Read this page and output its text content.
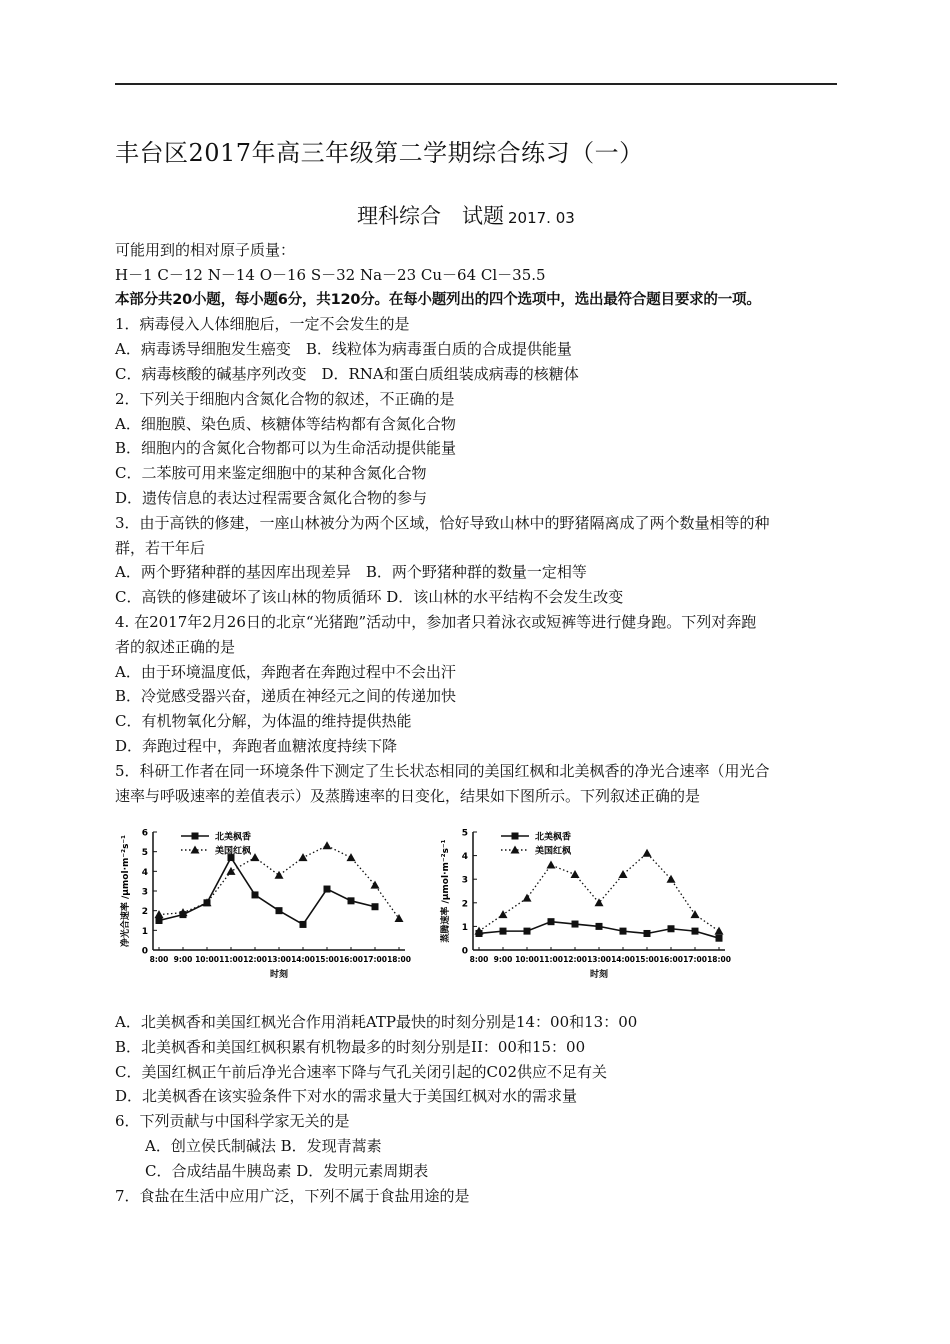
丰台区2017年高三年级第二学期综合练习（一）
理科综合　试题 2017. 03
可能用到的相对原子质量：
H－1 C－12 N－14 O－16 S－32 Na－23 Cu－64 Cl－35.5
本部分共20小题，每小题6分，共120分。在每小题列出的四个选项中，选出最符合题目要求的一项。
1．病毒侵入人体细胞后，一定不会发生的是
A．病毒诱导细胞发生癌变　B．线粒体为病毒蛋白质的合成提供能量
C．病毒核酸的碱基序列改变　D．RNA和蛋白质组装成病毒的核糖体
2．下列关于细胞内含氮化合物的叙述，不正确的是
A．细胞膜、染色质、核糖体等结构都有含氮化合物
B．细胞内的含氮化合物都可以为生命活动提供能量
C．二苯胺可用来鉴定细胞中的某种含氮化合物
D．遗传信息的表达过程需要含氮化合物的参与
3．由于高铁的修建，一座山林被分为两个区域，恰好导致山林中的野猪隔离成了两个数量相等的种
群，若干年后
A．两个野猪种群的基因库出现差异　B．两个野猪种群的数量一定相等
C．高铁的修建破坏了该山林的物质循环 D．该山林的水平结构不会发生改变
4. 在2017年2月26日的北京“光猪跑”活动中，参加者只着泳衣或短裤等进行健身跑。下列对奔跑
者的叙述正确的是
A．由于环境温度低，奔跑者在奔跑过程中不会出汗
B．冷觉感受器兴奋，递质在神经元之间的传递加快
C．有机物氧化分解，为体温的维持提供热能
D．奔跑过程中，奔跑者血糖浓度持续下降
5．科研工作者在同一环境条件下测定了生长状态相同的美国红枫和北美枫香的净光合速率（用光合
速率与呼吸速率的差值表示）及蒸腾速率的日变化，结果如下图所示。下列叙述正确的是
0
1
2
3
4
5
6
8:00 9:00 10:00 11:00 12:00 13:00 14:00 15:00 16:00 17:00 18:00
时刻
净光合速率 /μmol·m⁻²s⁻¹	北美枫香
美国红枫
0
1
2
3
4
5
8:00 9:00 10:00 11:00 12:00 13:00 14:00 15:00 16:00 17:00 18:00
时刻
蒸腾速率 /μmol·m⁻²s⁻¹
北美枫香
美国红枫
A．北美枫香和美国红枫光合作用消耗ATP最快的时刻分别是14：00和13：00
B．北美枫香和美国红枫积累有机物最多的时刻分别是II：00和15：00
C．美国红枫正午前后净光合速率下降与气孔关闭引起的C02供应不足有关
D．北美枫香在该实验条件下对水的需求量大于美国红枫对水的需求量
6．下列贡献与中国科学家无关的是
A．创立侯氏制碱法 B．发现青蒿素
C．合成结晶牛胰岛素 D．发明元素周期表
7．食盐在生活中应用广泛，下列不属于食盐用途的是
